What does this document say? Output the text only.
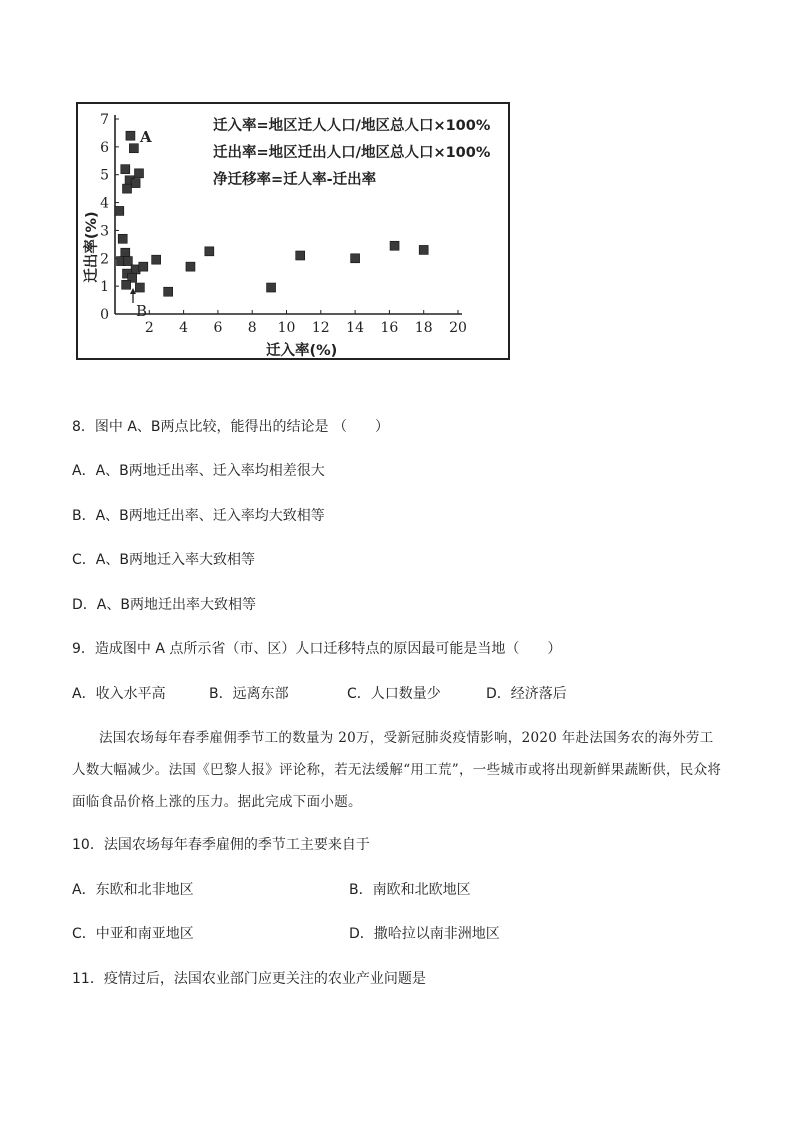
2 4 6 8 10 12 14 16 18 20
0
1
2
3
4
5
6
7
A
B
迁入率=地区迁人人口/地区总人口×100%
迁出率=地区迁出人口/地区总人口×100%
净迁移率=迁人率-迁出率
迁入率(%)
迁出率(%)
8．图中 A、B两点比较，能得出的结论是 （　　）
A．A、B两地迁出率、迁入率均相差很大
B．A、B两地迁出率、迁入率均大致相等
C．A、B两地迁入率大致相等
D．A、B两地迁出率大致相等
9．造成图中 A 点所示省（市、区）人口迁移特点的原因最可能是当地（　　）
A．收入水平高	B．远离东部	C．人口数量少	D．经济落后
法国农场每年春季雇佣季节工的数量为 20万，受新冠肺炎疫情影响，2020 年赴法国务农的海外劳工人数大幅减少。法国《巴黎人报》评论称，若无法缓解“用工荒”，一些城市或将出现新鲜果蔬断供，民众将面临食品价格上涨的压力。据此完成下面小题。
10．法国农场每年春季雇佣的季节工主要来自于
A．东欧和北非地区	B．南欧和北欧地区
C．中亚和南亚地区	D．撒哈拉以南非洲地区
11．疫情过后，法国农业部门应更关注的农业产业问题是
